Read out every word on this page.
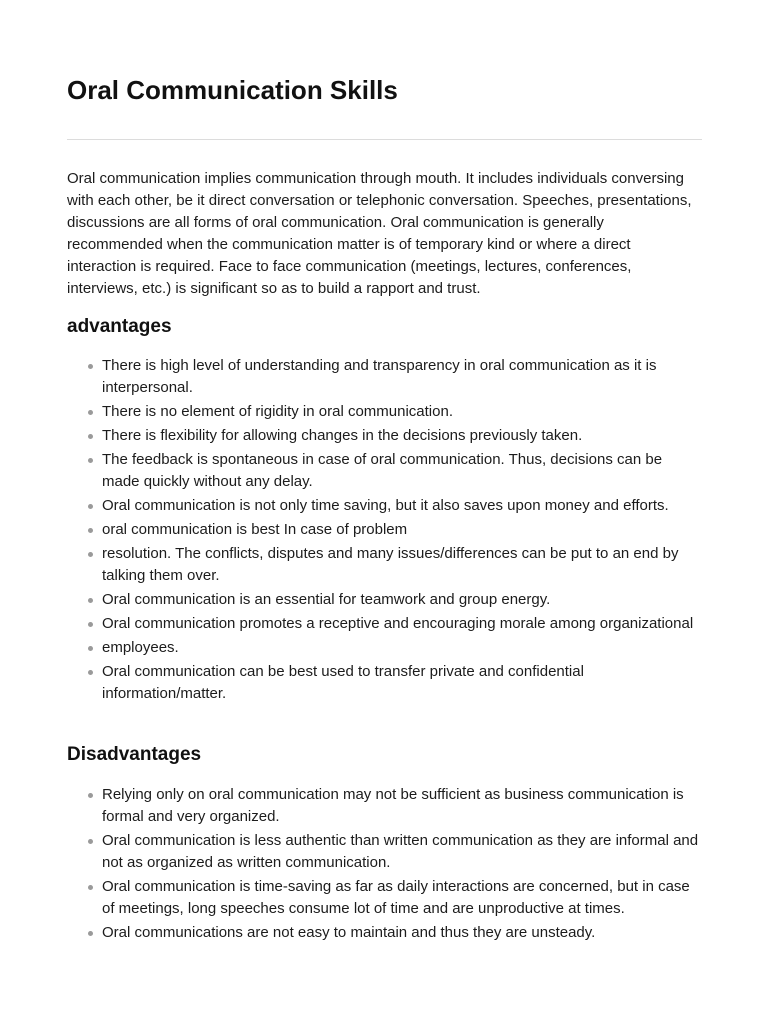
Oral Communication Skills

Oral communication implies communication through mouth. It includes individuals conversing with each other, be it direct conversation or telephonic conversation. Speeches, presentations, discussions are all forms of oral communication. Oral communication is generally recommended when the communication matter is of temporary kind or where a direct interaction is required. Face to face communication (meetings, lectures, conferences, interviews, etc.) is significant so as to build a rapport and trust.

advantages
There is high level of understanding and transparency in oral communication as it is interpersonal.
There is no element of rigidity in oral communication.
There is flexibility for allowing changes in the decisions previously taken.
The feedback is spontaneous in case of oral communication. Thus, decisions can be made quickly without any delay.
Oral communication is not only time saving, but it also saves upon money and efforts.
oral communication is best In case of problem
resolution. The conflicts, disputes and many issues/differences can be put to an end by talking them over.
Oral communication is an essential for teamwork and group energy.
Oral communication promotes a receptive and encouraging morale among organizational
employees.
Oral communication can be best used to transfer private and confidential information/matter.
Disadvantages
Relying only on oral communication may not be sufficient as business communication is formal and very organized.
Oral communication is less authentic than written communication as they are informal and not as organized as written communication.
Oral communication is time-saving as far as daily interactions are concerned, but in case of meetings, long speeches consume lot of time and are unproductive at times.
Oral communications are not easy to maintain and thus they are unsteady.
